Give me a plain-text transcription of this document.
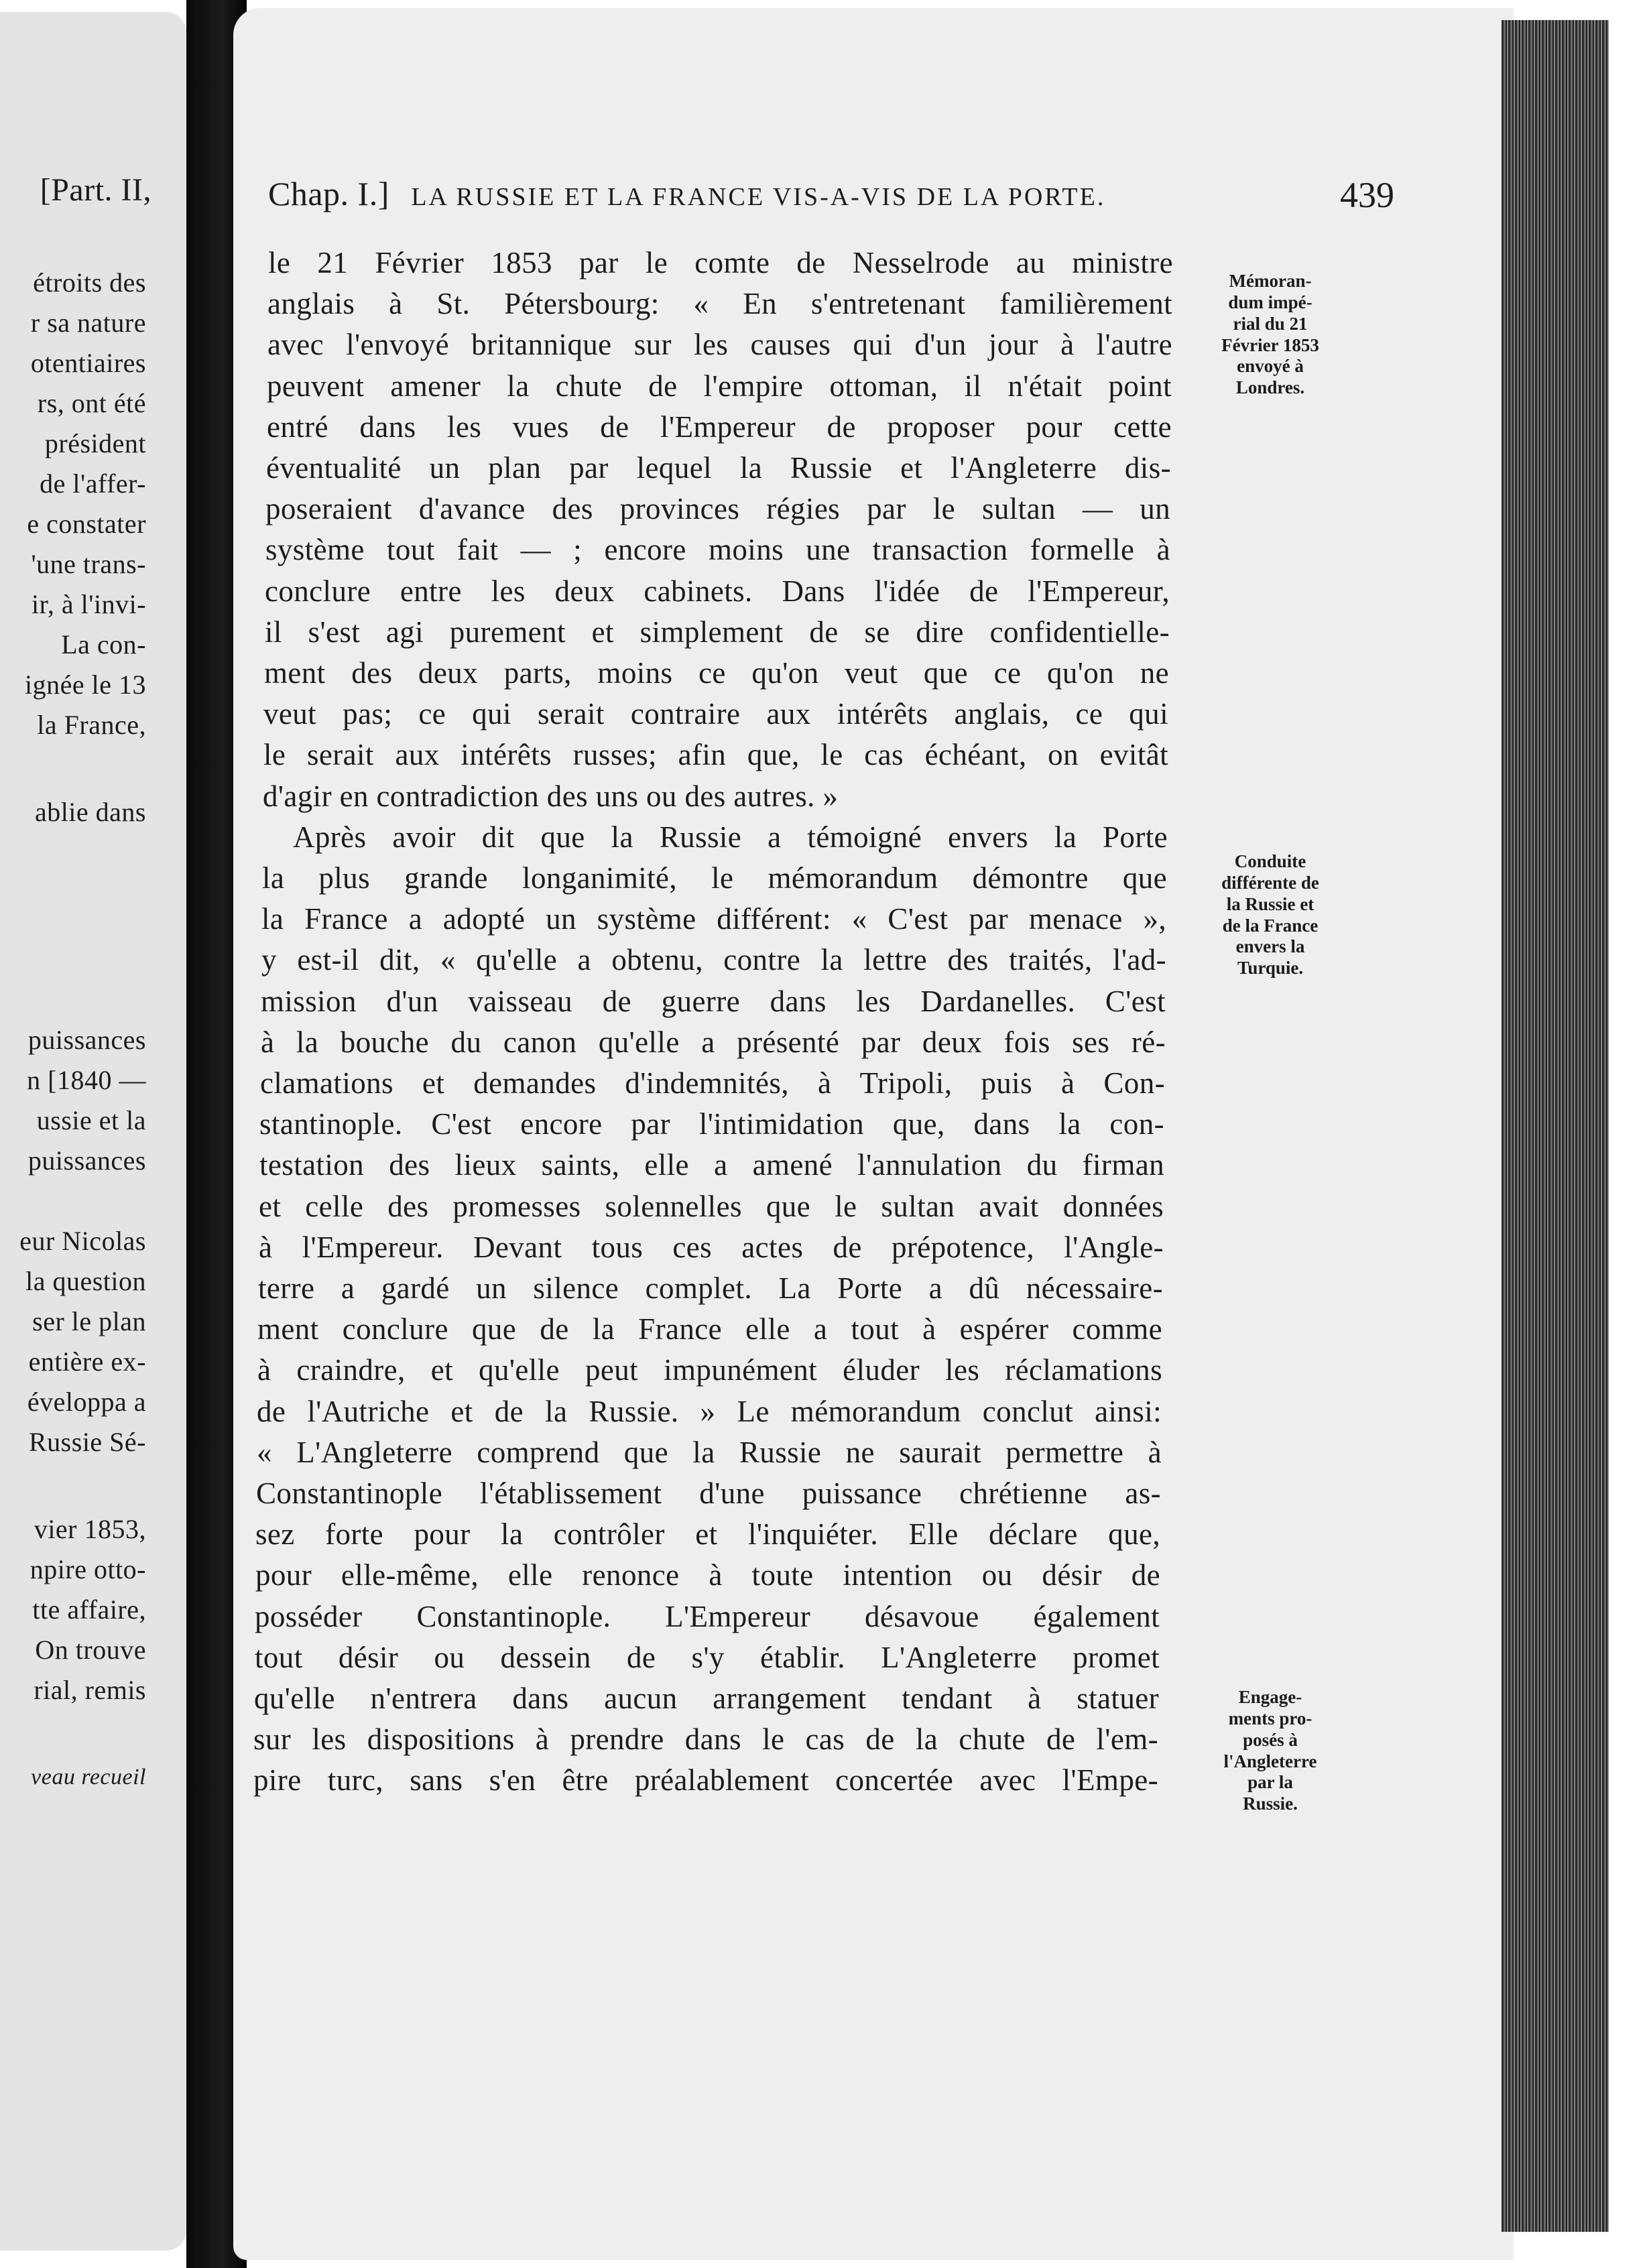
[Part. II,
étroits des
r sa nature
otentiaires
rs, ont été
président
de l'affer-
e constater
'une trans-
ir, à l'invi-
La con-
ignée le 13
la France,
ablie dans
puissances
n [1840 —
ussie et la
puissances
eur Nicolas
la question
ser le plan
entière ex-
éveloppa a
Russie Sé-
vier 1853,
npire otto-
tte affaire,
On trouve
rial, remis
veau recueil
Chap. I.] LA RUSSIE ET LA FRANCE VIS-A-VIS DE LA PORTE.	439
le 21 Février 1853 par le comte de Nesselrode au ministre
anglais à St. Pétersbourg: « En s'entretenant familièrement
avec l'envoyé britannique sur les causes qui d'un jour à l'autre
peuvent amener la chute de l'empire ottoman, il n'était point
entré dans les vues de l'Empereur de proposer pour cette
éventualité un plan par lequel la Russie et l'Angleterre dis-
poseraient d'avance des provinces régies par le sultan — un
système tout fait — ; encore moins une transaction formelle à
conclure entre les deux cabinets. Dans l'idée de l'Empereur,
il s'est agi purement et simplement de se dire confidentielle-
ment des deux parts, moins ce qu'on veut que ce qu'on ne
veut pas; ce qui serait contraire aux intérêts anglais, ce qui
le serait aux intérêts russes; afin que, le cas échéant, on evitât
d'agir en contradiction des uns ou des autres. »
Après avoir dit que la Russie a témoigné envers la Porte
la plus grande longanimité, le mémorandum démontre que
la France a adopté un système différent: « C'est par menace »,
y est-il dit, « qu'elle a obtenu, contre la lettre des traités, l'ad-
mission d'un vaisseau de guerre dans les Dardanelles. C'est
à la bouche du canon qu'elle a présenté par deux fois ses ré-
clamations et demandes d'indemnités, à Tripoli, puis à Con-
stantinople. C'est encore par l'intimidation que, dans la con-
testation des lieux saints, elle a amené l'annulation du firman
et celle des promesses solennelles que le sultan avait données
à l'Empereur. Devant tous ces actes de prépotence, l'Angle-
terre a gardé un silence complet. La Porte a dû nécessaire-
ment conclure que de la France elle a tout à espérer comme
à craindre, et qu'elle peut impunément éluder les réclamations
de l'Autriche et de la Russie. » Le mémorandum conclut ainsi:
« L'Angleterre comprend que la Russie ne saurait permettre à
Constantinople l'établissement d'une puissance chrétienne as-
sez forte pour la contrôler et l'inquiéter. Elle déclare que,
pour elle-même, elle renonce à toute intention ou désir de
posséder Constantinople. L'Empereur désavoue également
tout désir ou dessein de s'y établir. L'Angleterre promet
qu'elle n'entrera dans aucun arrangement tendant à statuer
sur les dispositions à prendre dans le cas de la chute de l'em-
pire turc, sans s'en être préalablement concertée avec l'Empe-
Mémoran-
dum impé-
rial du 21
Février 1853
envoyé à
Londres.
Conduite
différente de
la Russie et
de la France
envers la
Turquie.
Engage-
ments pro-
posés à
l'Angleterre
par la
Russie.
